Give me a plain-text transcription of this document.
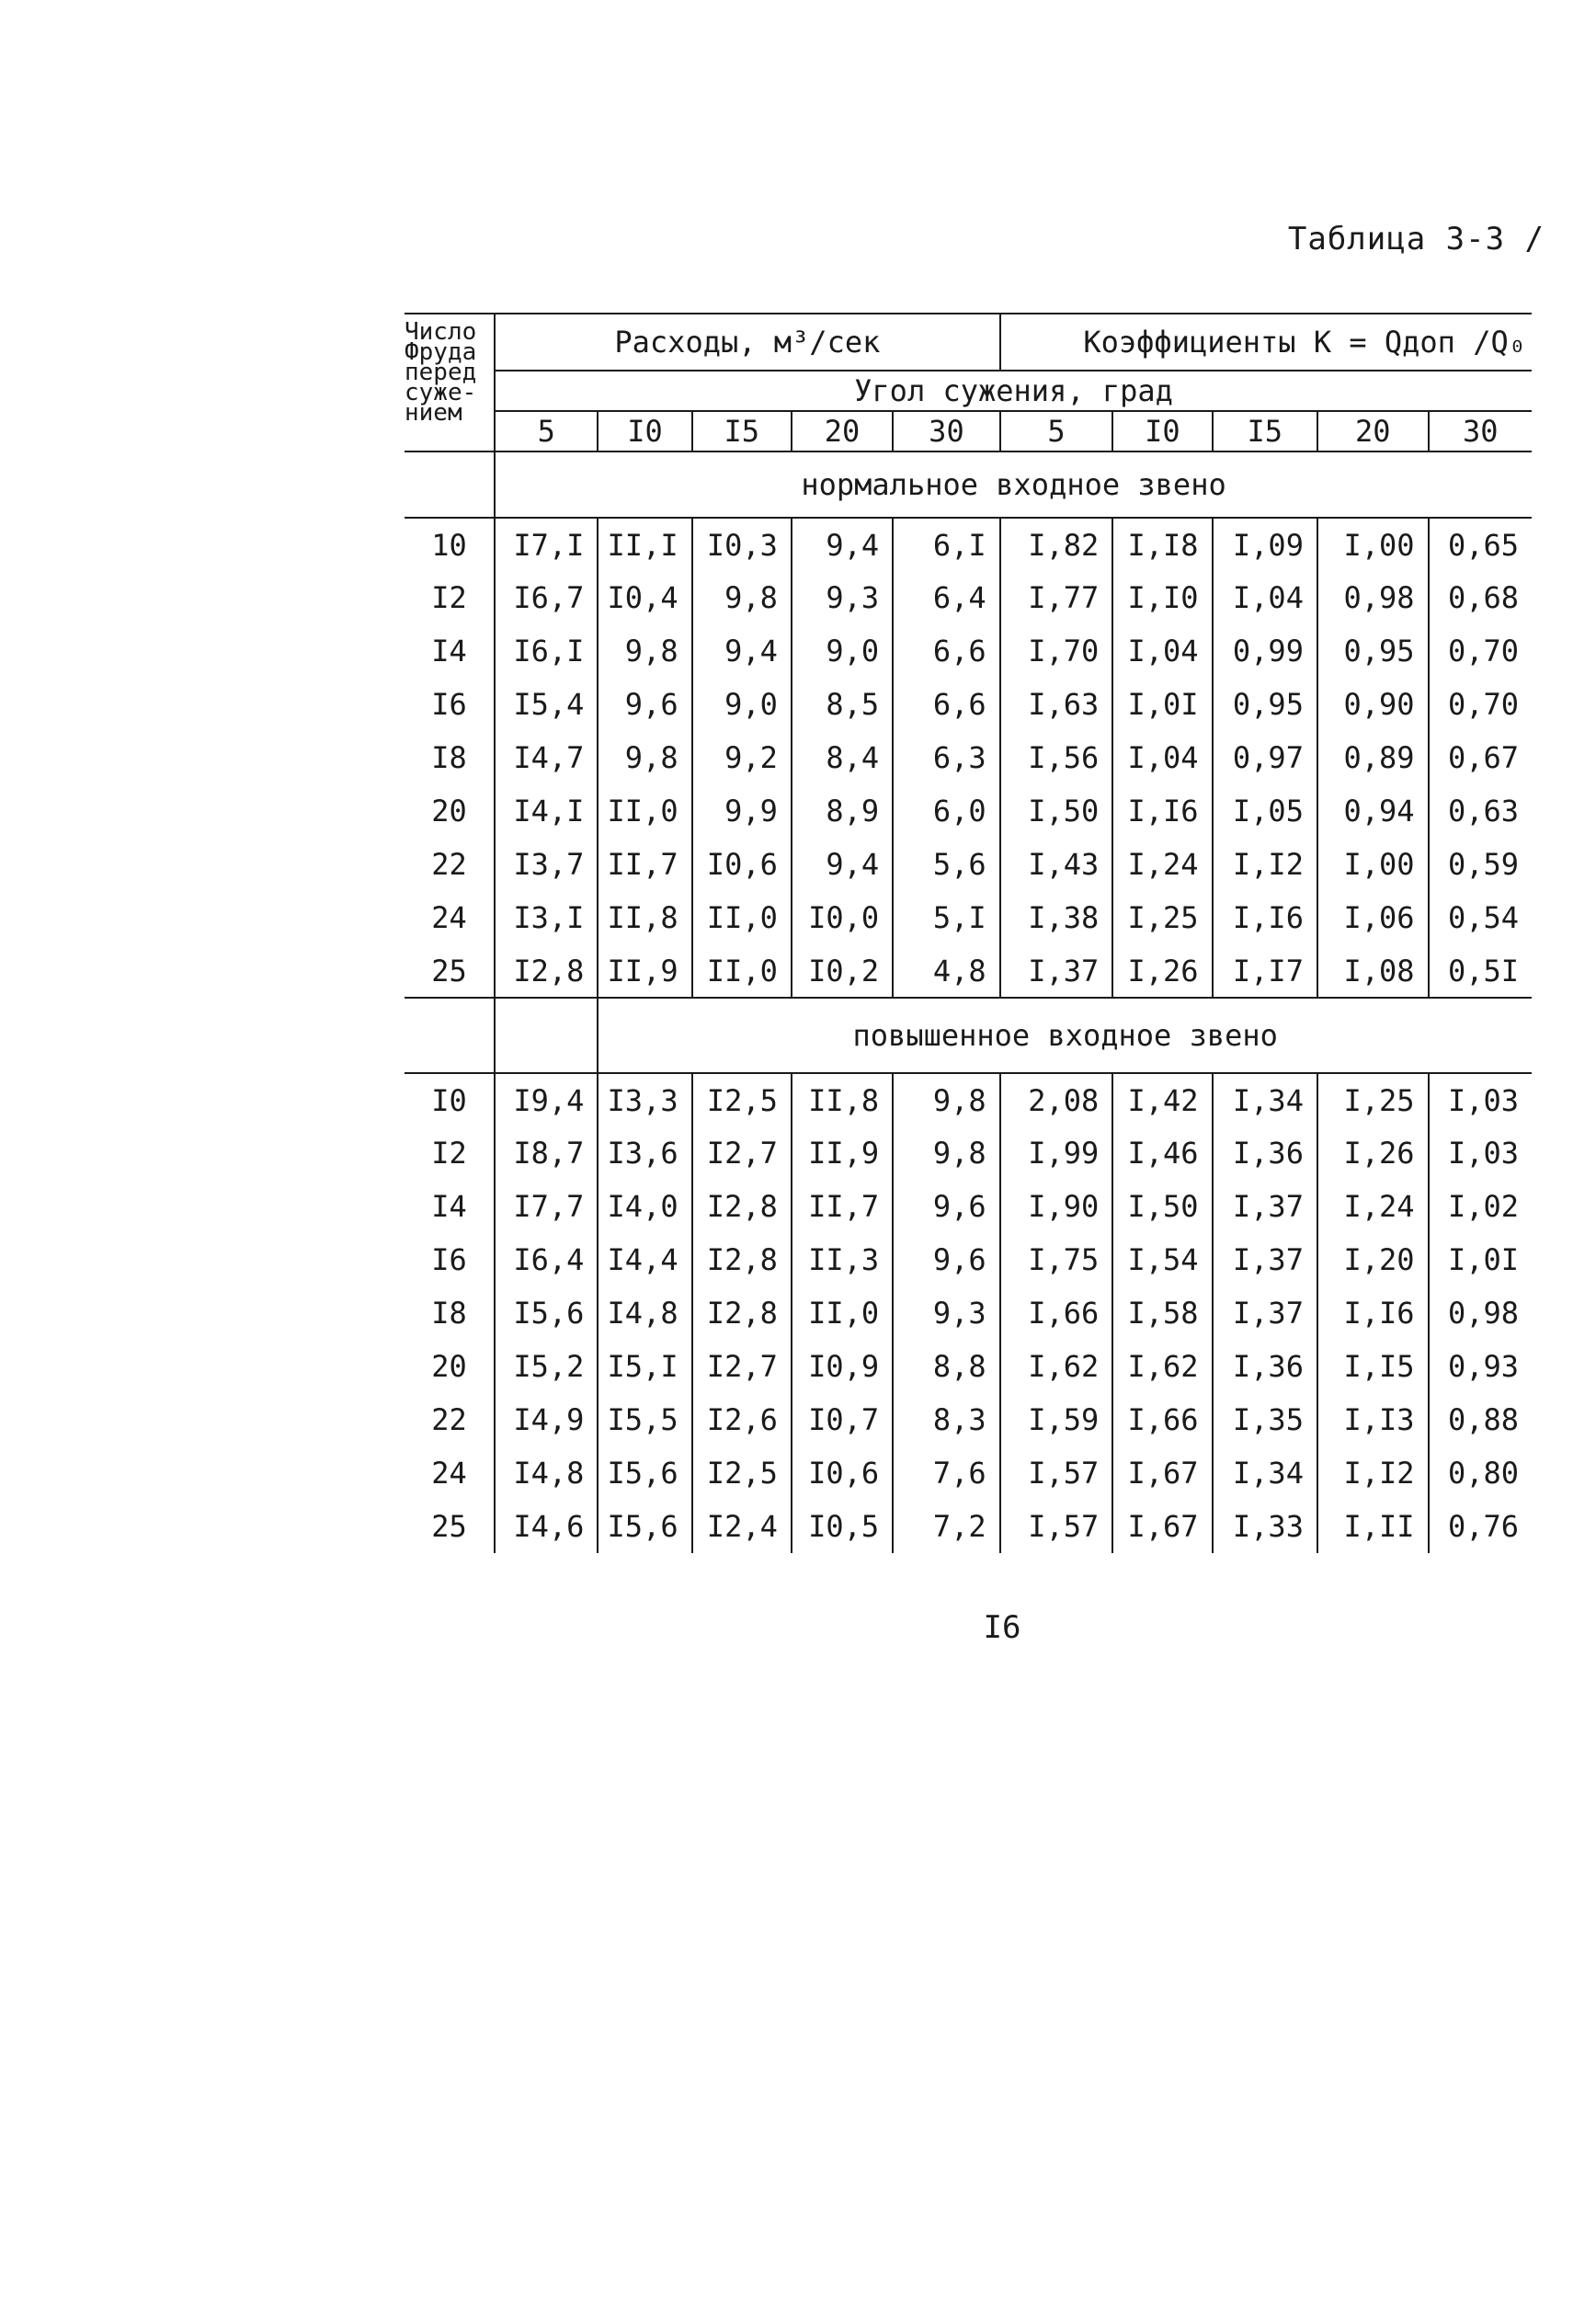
Таблица 3-3 /
Число
Фруда
перед
суже-
нием	Расходы, м³/сек					Коэффициенты К = Qдоп /Q₀				
	Угол сужения, град									
	5	I0	I5	20	30	5	I0	I5	20	30
	нормальное входное звено									
10	I7,I	II,I	I0,3	9,4	6,I	I,82	I,I8	I,09	I,00	0,65
I2	I6,7	I0,4	9,8	9,3	6,4	I,77	I,I0	I,04	0,98	0,68
I4	I6,I	9,8	9,4	9,0	6,6	I,70	I,04	0,99	0,95	0,70
I6	I5,4	9,6	9,0	8,5	6,6	I,63	I,0I	0,95	0,90	0,70
I8	I4,7	9,8	9,2	8,4	6,3	I,56	I,04	0,97	0,89	0,67
20	I4,I	II,0	9,9	8,9	6,0	I,50	I,I6	I,05	0,94	0,63
22	I3,7	II,7	I0,6	9,4	5,6	I,43	I,24	I,I2	I,00	0,59
24	I3,I	II,8	II,0	I0,0	5,I	I,38	I,25	I,I6	I,06	0,54
25	I2,8	II,9	II,0	I0,2	4,8	I,37	I,26	I,I7	I,08	0,5I
		повышенное входное звено								
I0	I9,4	I3,3	I2,5	II,8	9,8	2,08	I,42	I,34	I,25	I,03
I2	I8,7	I3,6	I2,7	II,9	9,8	I,99	I,46	I,36	I,26	I,03
I4	I7,7	I4,0	I2,8	II,7	9,6	I,90	I,50	I,37	I,24	I,02
I6	I6,4	I4,4	I2,8	II,3	9,6	I,75	I,54	I,37	I,20	I,0I
I8	I5,6	I4,8	I2,8	II,0	9,3	I,66	I,58	I,37	I,I6	0,98
20	I5,2	I5,I	I2,7	I0,9	8,8	I,62	I,62	I,36	I,I5	0,93
22	I4,9	I5,5	I2,6	I0,7	8,3	I,59	I,66	I,35	I,I3	0,88
24	I4,8	I5,6	I2,5	I0,6	7,6	I,57	I,67	I,34	I,I2	0,80
25	I4,6	I5,6	I2,4	I0,5	7,2	I,57	I,67	I,33	I,II	0,76
I6
